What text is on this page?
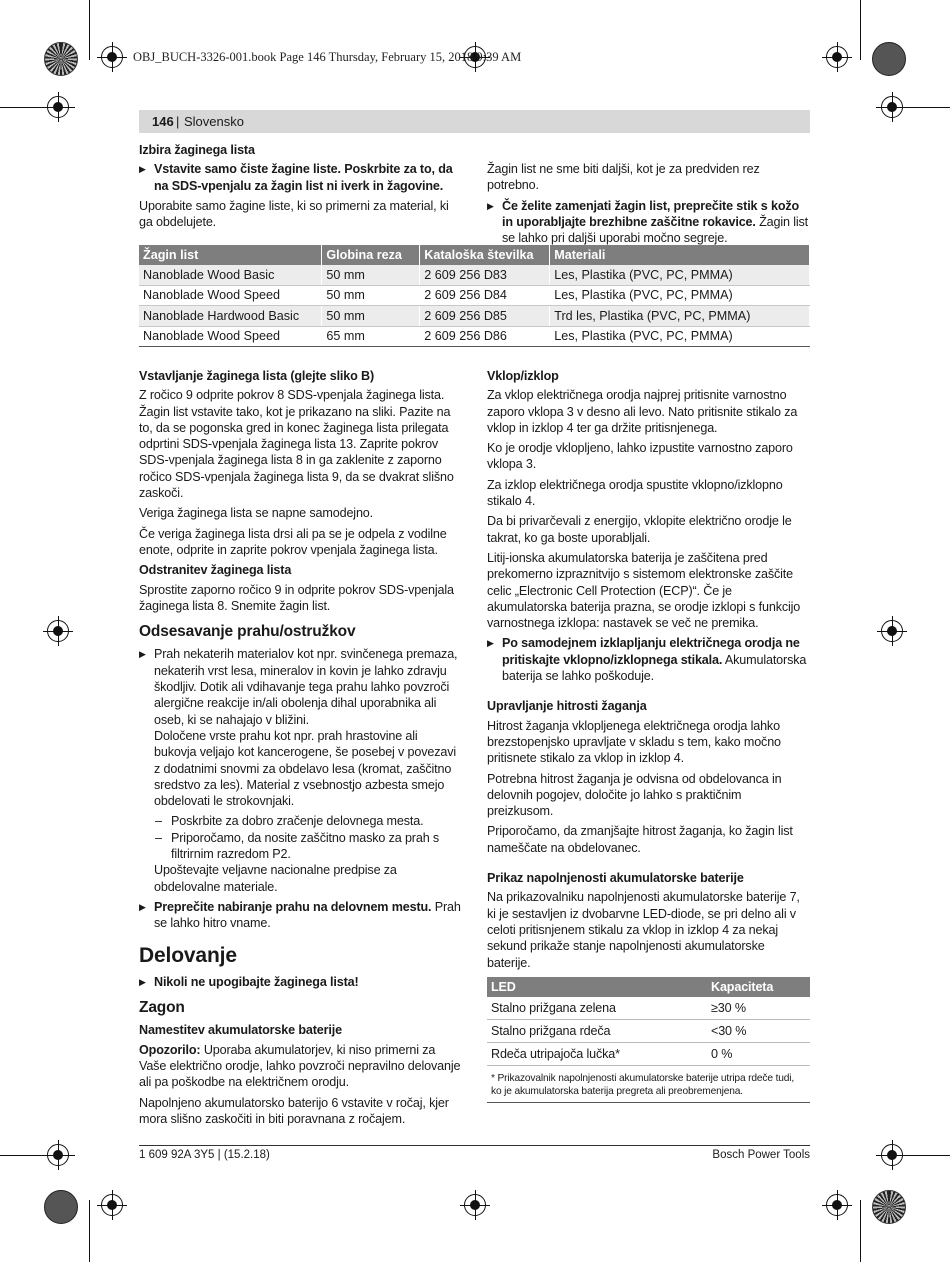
OBJ_BUCH-3326-001.book Page 146 Thursday, February 15, 2018 9:39 AM
146 | Slovensko
Izbira žaginega lista
▶ Vstavite samo čiste žagine liste. Poskrbite za to, da na SDS-vpenjalu za žagin list ni iverk in žagovine.

Uporabite samo žagine liste, ki so primerni za material, ki ga obdelujete.

Žagin list ne sme biti daljši, kot je za predviden rez potrebno.

▶ Če želite zamenjati žagin list, preprečite stik s kožo in uporabljajte brezhibne zaščitne rokavice. Žagin list se lahko pri daljši uporabi močno segreje.
Žagin list	Globina reza	Kataloška številka	Materiali
Nanoblade Wood Basic	50 mm	2 609 256 D83	Les, Plastika (PVC, PC, PMMA)
Nanoblade Wood Speed	50 mm	2 609 256 D84	Les, Plastika (PVC, PC, PMMA)
Nanoblade Hardwood Basic	50 mm	2 609 256 D85	Trd les, Plastika (PVC, PC, PMMA)
Nanoblade Wood Speed	65 mm	2 609 256 D86	Les, Plastika (PVC, PC, PMMA)
Vstavljanje žaginega lista (glejte sliko B)

Z ročico 9 odprite pokrov 8 SDS-vpenjala žaginega lista. Žagin list vstavite tako, kot je prikazano na sliki. Pazite na to, da se pogonska gred in konec žaginega lista prilegata odprtini SDS-vpenjala žaginega lista 13. Zaprite pokrov SDS-vpenjala žaginega lista 8 in ga zaklenite z zaporno ročico SDS-vpenjala žaginega lista 9, da se dvakrat slišno zaskoči.

Veriga žaginega lista se napne samodejno.

Če veriga žaginega lista drsi ali pa se je odpela z vodilne enote, odprite in zaprite pokrov vpenjala žaginega lista.

Odstranitev žaginega lista

Sprostite zaporno ročico 9 in odprite pokrov SDS-vpenjala žaginega lista 8. Snemite žagin list.

Odsesavanje prahu/ostružkov
▶ Prah nekaterih materialov kot npr. svinčenega premaza, nekaterih vrst lesa, mineralov in kovin je lahko zdravju škodljiv. Dotik ali vdihavanje tega prahu lahko povzroči alergične reakcije in/ali obolenja dihal uporabnika ali oseb, ki se nahajajo v bližini.
Določene vrste prahu kot npr. prah hrastovine ali bukovja veljajo kot kancerogene, še posebej v povezavi z dodatnimi snovmi za obdelavo lesa (kromat, zaščitno sredstvo za les). Material z vsebnostjo azbesta smejo obdelovati le strokovnjaki.
– Poskrbite za dobro zračenje delovnega mesta.
– Priporočamo, da nosite zaščitno masko za prah s filtrirnim razredom P2.

Upoštevajte veljavne nacionalne predpise za obdelovalne materiale.

▶ Preprečite nabiranje prahu na delovnem mestu. Prah se lahko hitro vname.
Delovanje
▶ Nikoli ne upogibajte žaginega lista!
Zagon
Namestitev akumulatorske baterije

Opozorilo: Uporaba akumulatorjev, ki niso primerni za Vaše električno orodje, lahko povzroči nepravilno delovanje ali pa poškodbe na električnem orodju.

Napolnjeno akumulatorsko baterijo 6 vstavite v ročaj, kjer mora slišno zaskočiti in biti poravnana z ročajem.

Vklop/izklop

Za vklop električnega orodja najprej pritisnite varnostno zaporo vklopa 3 v desno ali levo. Nato pritisnite stikalo za vklop in izklop 4 ter ga držite pritisnjenega.

Ko je orodje vklopljeno, lahko izpustite varnostno zaporo vklopa 3.

Za izklop električnega orodja spustite vklopno/izklopno stikalo 4.

Da bi privarčevali z energijo, vklopite električno orodje le takrat, ko ga boste uporabljali.

Litij-ionska akumulatorska baterija je zaščitena pred prekomerno izpraznitvijo s sistemom elektronske zaščite celic „Electronic Cell Protection (ECP)“. Če je akumulatorska baterija prazna, se orodje izklopi s funkcijo varnostnega izklopa: nastavek se več ne premika.

▶ Po samodejnem izklapljanju električnega orodja ne pritiskajte vklopno/izklopnega stikala. Akumulatorska baterija se lahko poškoduje.
Upravljanje hitrosti žaganja

Hitrost žaganja vklopljenega električnega orodja lahko brezstopenjsko upravljate v skladu s tem, kako močno pritisnete stikalo za vklop in izklop 4.

Potrebna hitrost žaganja je odvisna od obdelovanca in delovnih pogojev, določite jo lahko s praktičnim preizkusom.

Priporočamo, da zmanjšajte hitrost žaganja, ko žagin list nameščate na obdelovanec.

Prikaz napolnjenosti akumulatorske baterije

Na prikazovalniku napolnjenosti akumulatorske baterije 7, ki je sestavljen iz dvobarvne LED-diode, se pri delno ali v celoti pritisnjenem stikalu za vklop in izklop 4 za nekaj sekund prikaže stanje napolnjenosti akumulatorske baterije.

LED	Kapaciteta
Stalno prižgana zelena	≥30 %
Stalno prižgana rdeča	<30 %
Rdeča utripajoča lučka*	0 %
* Prikazovalnik napolnjenosti akumulatorske baterije utripa rdeče tudi, ko je akumulatorska baterija pregreta ali preobremenjena.	
1 609 92A 3Y5 | (15.2.18)	Bosch Power Tools
